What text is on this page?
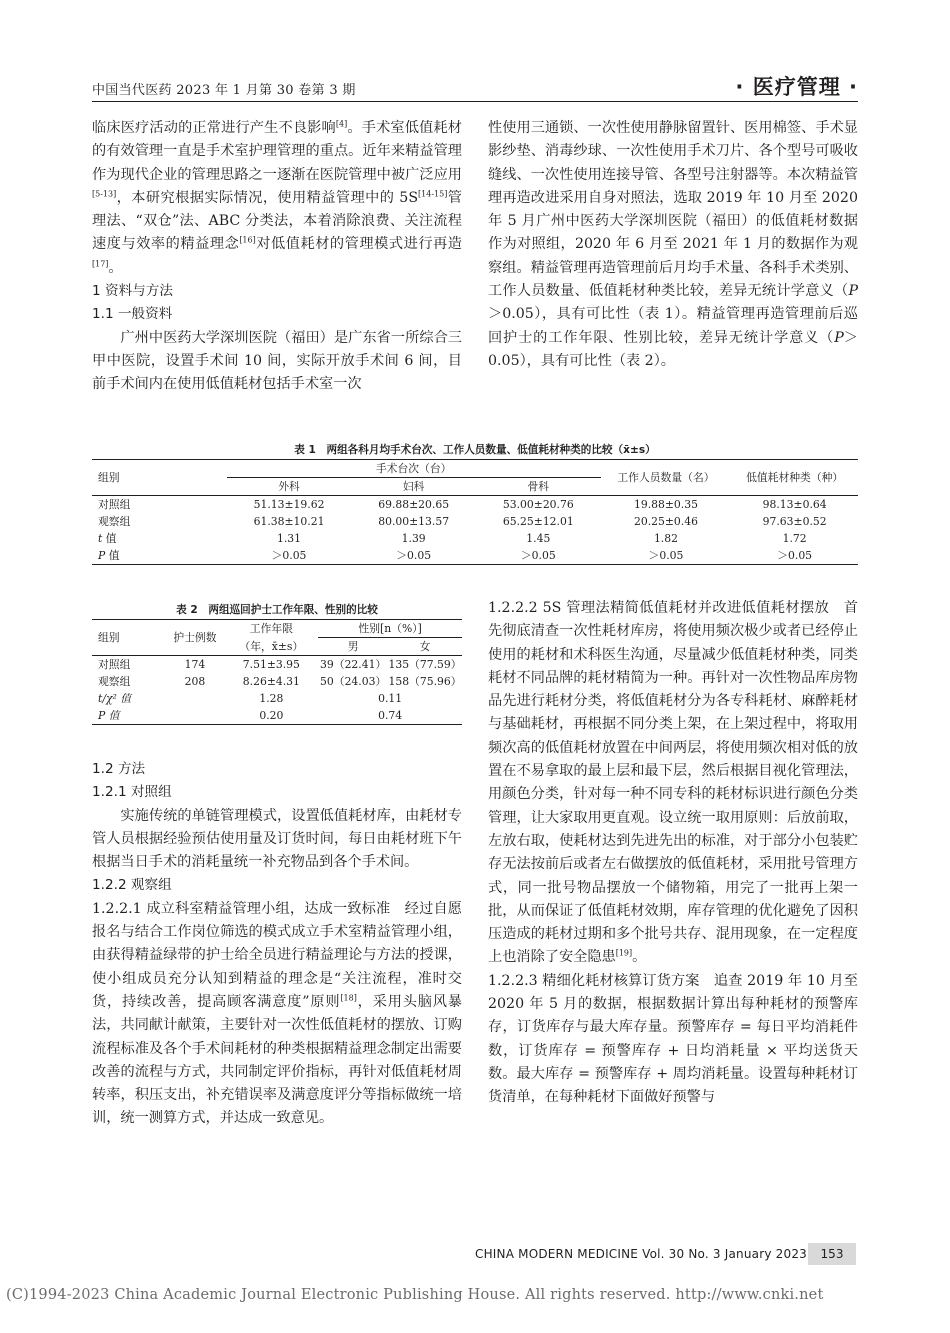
中国当代医药 2023 年 1 月第 30 卷第 3 期	· 医疗管理 ·

临床医疗活动的正常进行产生不良影响[4]。手术室低值耗材的有效管理一直是手术室护理管理的重点。近年来精益管理作为现代企业的管理思路之一逐渐在医院管理中被广泛应用[5-13]，本研究根据实际情况，使用精益管理中的 5S[14-15]管理法、“双仓”法、ABC 分类法，本着消除浪费、关注流程速度与效率的精益理念[16]对低值耗材的管理模式进行再造[17]。

1 资料与方法

1.1 一般资料

广州中医药大学深圳医院（福田）是广东省一所综合三甲中医院，设置手术间 10 间，实际开放手术间 6 间，目前手术间内在使用低值耗材包括手术室一次

性使用三通锁、一次性使用静脉留置针、医用棉签、手术显影纱垫、消毒纱球、一次性使用手术刀片、各个型号可吸收缝线、一次性使用连接导管、各型号注射器等。本次精益管理再造改进采用自身对照法，选取 2019 年 10 月至 2020 年 5 月广州中医药大学深圳医院（福田）的低值耗材数据作为对照组，2020 年 6 月至 2021 年 1 月的数据作为观察组。精益管理再造管理前后月均手术量、各科手术类别、工作人员数量、低值耗材种类比较，差异无统计学意义（P＞0.05），具有可比性（表 1）。精益管理再造管理前后巡回护士的工作年限、性别比较，差异无统计学意义（P＞0.05），具有可比性（表 2）。

表 1　两组各科月均手术台次、工作人员数量、低值耗材种类的比较（x̄±s）
组别	手术台次（台）			工作人员数量（名）	低值耗材种类（种）
	外科	妇科	骨科		
对照组	51.13±19.62	69.88±20.65	53.00±20.76	19.88±0.35	98.13±0.64
观察组	61.38±10.21	80.00±13.57	65.25±12.01	20.25±0.46	97.63±0.52
t 值	1.31	1.39	1.45	1.82	1.72
P 值	＞0.05	＞0.05	＞0.05	＞0.05	＞0.05
表 2　两组巡回护士工作年限、性别的比较
组别	护士例数	工作年限	性别[n（%）]	
		（年，x̄±s）	男	女
对照组	174	7.51±3.95	39（22.41）	135（77.59）
观察组	208	8.26±4.31	50（24.03）	158（75.96）
t/χ² 值		1.28	0.11	
P 值		0.20	0.74	

1.2 方法

1.2.1 对照组

实施传统的单链管理模式，设置低值耗材库，由耗材专管人员根据经验预估使用量及订货时间，每日由耗材班下午根据当日手术的消耗量统一补充物品到各个手术间。

1.2.2 观察组

1.2.2.1 成立科室精益管理小组，达成一致标准　经过自愿报名与结合工作岗位筛选的模式成立手术室精益管理小组，由获得精益绿带的护士给全员进行精益理论与方法的授课，使小组成员充分认知到精益的理念是“关注流程，准时交货，持续改善，提高顾客满意度”原则[18]，采用头脑风暴法，共同献计献策，主要针对一次性低值耗材的摆放、订购流程标准及各个手术间耗材的种类根据精益理念制定出需要改善的流程与方式，共同制定评价指标，再针对低值耗材周转率，积压支出，补充错误率及满意度评分等指标做统一培训，统一测算方式，并达成一致意见。

1.2.2.2 5S 管理法精简低值耗材并改进低值耗材摆放　首先彻底清查一次性耗材库房，将使用频次极少或者已经停止使用的耗材和术科医生沟通，尽量减少低值耗材种类，同类耗材不同品牌的耗材精简为一种。再针对一次性物品库房物品先进行耗材分类，将低值耗材分为各专科耗材、麻醉耗材与基础耗材，再根据不同分类上架，在上架过程中，将取用频次高的低值耗材放置在中间两层，将使用频次相对低的放置在不易拿取的最上层和最下层，然后根据目视化管理法，用颜色分类，针对每一种不同专科的耗材标识进行颜色分类管理，让大家取用更直观。设立统一取用原则：后放前取，左放右取，使耗材达到先进先出的标准，对于部分小包装贮存无法按前后或者左右做摆放的低值耗材，采用批号管理方式，同一批号物品摆放一个储物箱，用完了一批再上架一批，从而保证了低值耗材效期，库存管理的优化避免了因积压造成的耗材过期和多个批号共存、混用现象，在一定程度上也消除了安全隐患[19]。

1.2.2.3 精细化耗材核算订货方案　追查 2019 年 10 月至 2020 年 5 月的数据，根据数据计算出每种耗材的预警库存，订货库存与最大库存量。预警库存 = 每日平均消耗件数，订货库存 = 预警库存 + 日均消耗量 × 平均送货天数。最大库存 = 预警库存 + 周均消耗量。设置每种耗材订货清单，在每种耗材下面做好预警与

CHINA MODERN MEDICINE Vol. 30 No. 3 January 2023	153
(C)1994-2023 China Academic Journal Electronic Publishing House. All rights reserved. http://www.cnki.net
